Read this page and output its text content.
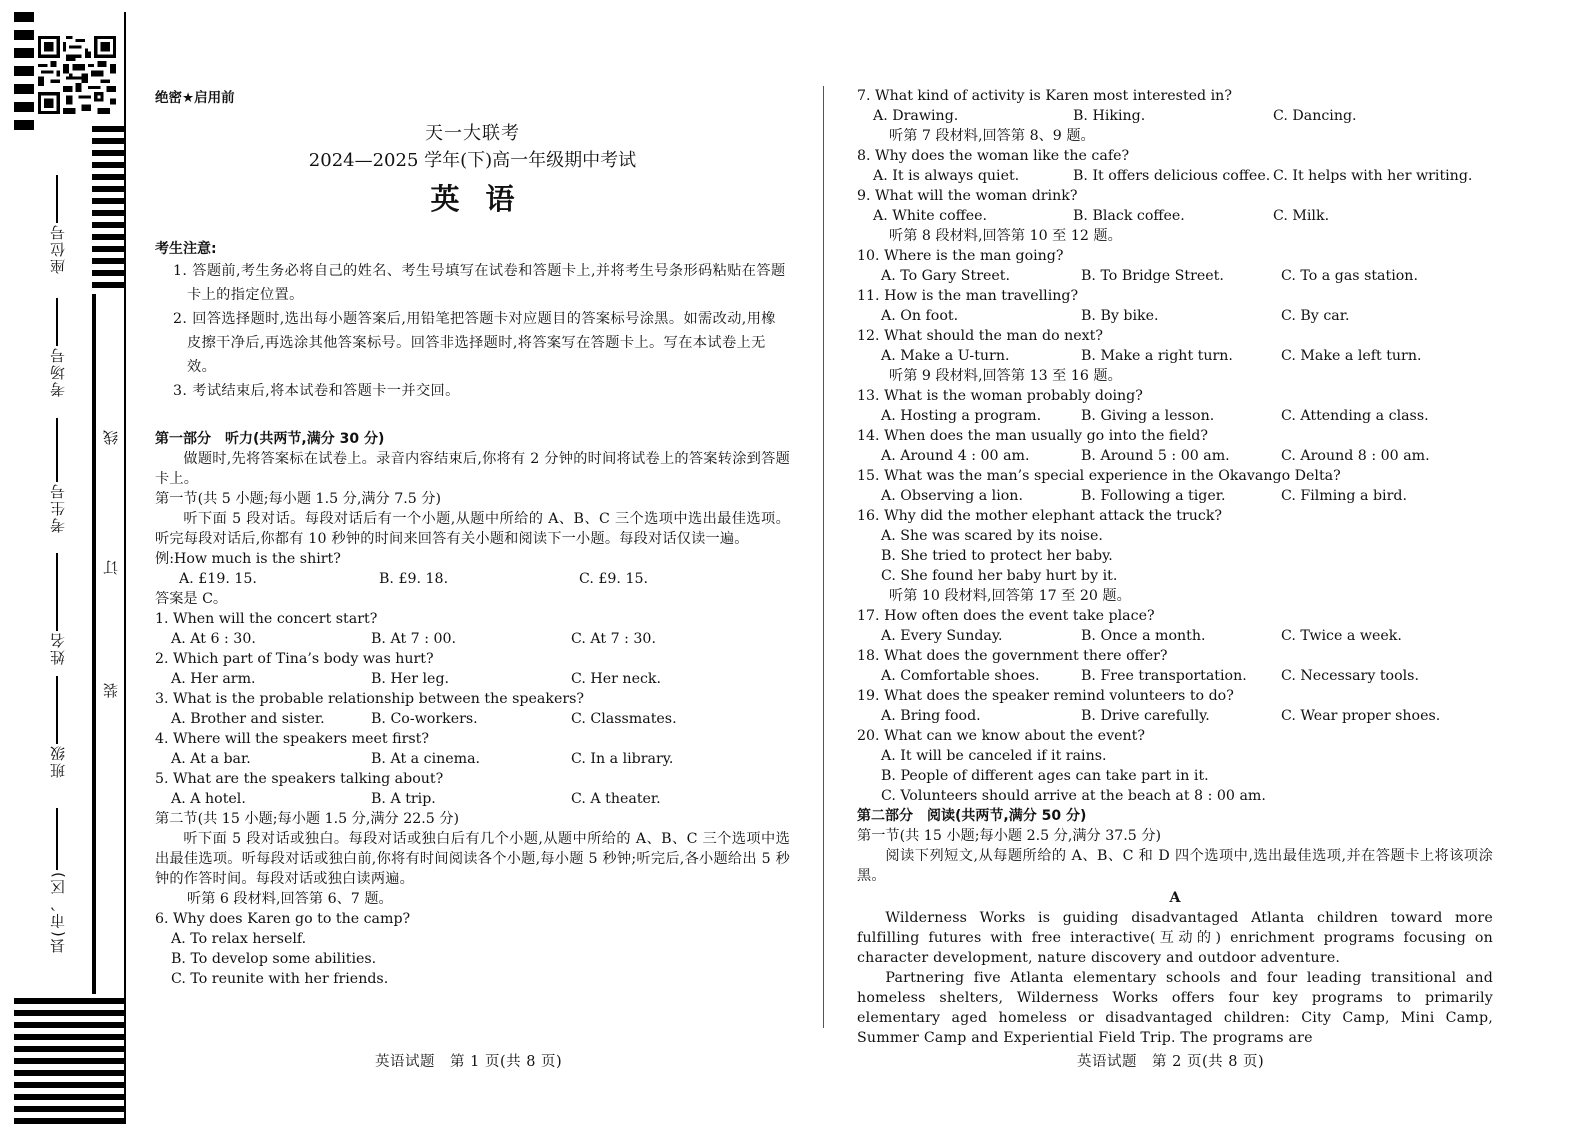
座位号
考场号
考生号
姓名
班级
县(市、区)
线
订
装
绝密★启用前
天一大联考
2024—2025 学年(下)高一年级期中考试
英语
考生注意:
1. 答题前,考生务必将自己的姓名、考生号填写在试卷和答题卡上,并将考生号条形码粘贴在答题卡上的指定位置。
2. 回答选择题时,选出每小题答案后,用铅笔把答题卡对应题目的答案标号涂黑。如需改动,用橡皮擦干净后,再选涂其他答案标号。回答非选择题时,将答案写在答题卡上。写在本试卷上无效。
3. 考试结束后,将本试卷和答题卡一并交回。
第一部分　听力(共两节,满分 30 分)
做题时,先将答案标在试卷上。录音内容结束后,你将有 2 分钟的时间将试卷上的答案转涂到答题卡上。
第一节(共 5 小题;每小题 1.5 分,满分 7.5 分)
听下面 5 段对话。每段对话后有一个小题,从题中所给的 A、B、C 三个选项中选出最佳选项。听完每段对话后,你都有 10 秒钟的时间来回答有关小题和阅读下一小题。每段对话仅读一遍。
例:How much is the shirt?
A. £19. 15.	B. £9. 18.	C. £9. 15.
答案是 C。
1. When will the concert start?
A. At 6 : 30.	B. At 7 : 00.	C. At 7 : 30.
2. Which part of Tina’s body was hurt?
A. Her arm.	B. Her leg.	C. Her neck.
3. What is the probable relationship between the speakers?
A. Brother and sister.	B. Co-workers.	C. Classmates.
4. Where will the speakers meet first?
A. At a bar.	B. At a cinema.	C. In a library.
5. What are the speakers talking about?
A. A hotel.	B. A trip.	C. A theater.
第二节(共 15 小题;每小题 1.5 分,满分 22.5 分)
听下面 5 段对话或独白。每段对话或独白后有几个小题,从题中所给的 A、B、C 三个选项中选出最佳选项。听每段对话或独白前,你将有时间阅读各个小题,每小题 5 秒钟;听完后,各小题给出 5 秒钟的作答时间。每段对话或独白读两遍。
听第 6 段材料,回答第 6、7 题。
6. Why does Karen go to the camp?
A. To relax herself.
B. To develop some abilities.
C. To reunite with her friends.
7. What kind of activity is Karen most interested in?
A. Drawing.	B. Hiking.	C. Dancing.
听第 7 段材料,回答第 8、9 题。
8. Why does the woman like the cafe?
A. It is always quiet.	B. It offers delicious coffee. C. It helps with her writing.
9. What will the woman drink?
A. White coffee.	B. Black coffee.	C. Milk.
听第 8 段材料,回答第 10 至 12 题。
10. Where is the man going?
A. To Gary Street.	B. To Bridge Street.	C. To a gas station.
11. How is the man travelling?
A. On foot.	B. By bike.	C. By car.
12. What should the man do next?
A. Make a U-turn.	B. Make a right turn.	C. Make a left turn.
听第 9 段材料,回答第 13 至 16 题。
13. What is the woman probably doing?
A. Hosting a program.	B. Giving a lesson.	C. Attending a class.
14. When does the man usually go into the field?
A. Around 4 : 00 am.	B. Around 5 : 00 am.	C. Around 8 : 00 am.
15. What was the man’s special experience in the Okavango Delta?
A. Observing a lion.	B. Following a tiger.	C. Filming a bird.
16. Why did the mother elephant attack the truck?
A. She was scared by its noise.
B. She tried to protect her baby.
C. She found her baby hurt by it.
听第 10 段材料,回答第 17 至 20 题。
17. How often does the event take place?
A. Every Sunday.	B. Once a month.	C. Twice a week.
18. What does the government there offer?
A. Comfortable shoes.	B. Free transportation.	C. Necessary tools.
19. What does the speaker remind volunteers to do?
A. Bring food.	B. Drive carefully.	C. Wear proper shoes.
20. What can we know about the event?
A. It will be canceled if it rains.
B. People of different ages can take part in it.
C. Volunteers should arrive at the beach at 8 : 00 am.
第二部分　阅读(共两节,满分 50 分)
第一节(共 15 小题;每小题 2.5 分,满分 37.5 分)
阅读下列短文,从每题所给的 A、B、C 和 D 四个选项中,选出最佳选项,并在答题卡上将该项涂黑。
A
Wilderness Works is guiding disadvantaged Atlanta children toward more fulfilling futures with free interactive(互动的) enrichment programs focusing on character development, nature discovery and outdoor adventure.
Partnering five Atlanta elementary schools and four leading transitional and homeless shelters, Wilderness Works offers four key programs to primarily elementary aged homeless or disadvantaged children: City Camp, Mini Camp, Summer Camp and Experiential Field Trip. The programs are
英语试题　第 1 页(共 8 页)	英语试题　第 2 页(共 8 页)
